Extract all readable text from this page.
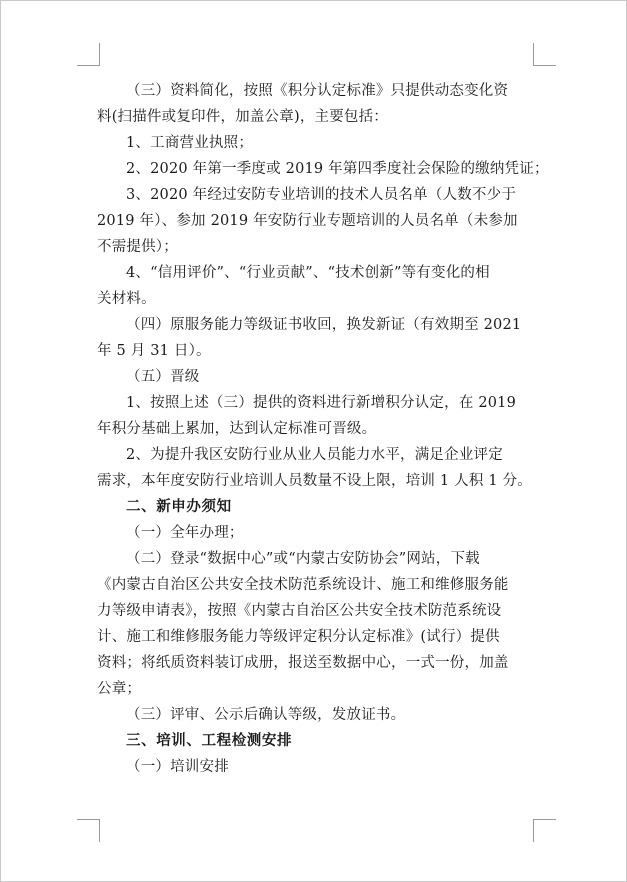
（三）资料简化，按照《积分认定标准》只提供动态变化资
料(扫描件或复印件，加盖公章)，主要包括：
1、工商营业执照；
2、2020 年第一季度或 2019 年第四季度社会保险的缴纳凭证；
3、2020 年经过安防专业培训的技术人员名单（人数不少于
2019 年）、参加 2019 年安防行业专题培训的人员名单（未参加
不需提供）；
4、“信用评价”、“行业贡献”、“技术创新”等有变化的相
关材料。
（四）原服务能力等级证书收回，换发新证（有效期至 2021
年 5 月 31 日）。
（五）晋级
1、按照上述（三）提供的资料进行新增积分认定，在 2019
年积分基础上累加，达到认定标准可晋级。
2、为提升我区安防行业从业人员能力水平，满足企业评定
需求，本年度安防行业培训人员数量不设上限，培训 1 人积 1 分。
二、新申办须知
（一）全年办理；
（二）登录“数据中心”或“内蒙古安防协会”网站，下载
《内蒙古自治区公共安全技术防范系统设计、施工和维修服务能
力等级申请表》，按照《内蒙古自治区公共安全技术防范系统设
计、施工和维修服务能力等级评定积分认定标准》(试行）提供
资料；将纸质资料装订成册，报送至数据中心，一式一份，加盖
公章；
（三）评审、公示后确认等级，发放证书。
三、培训、工程检测安排
（一）培训安排
